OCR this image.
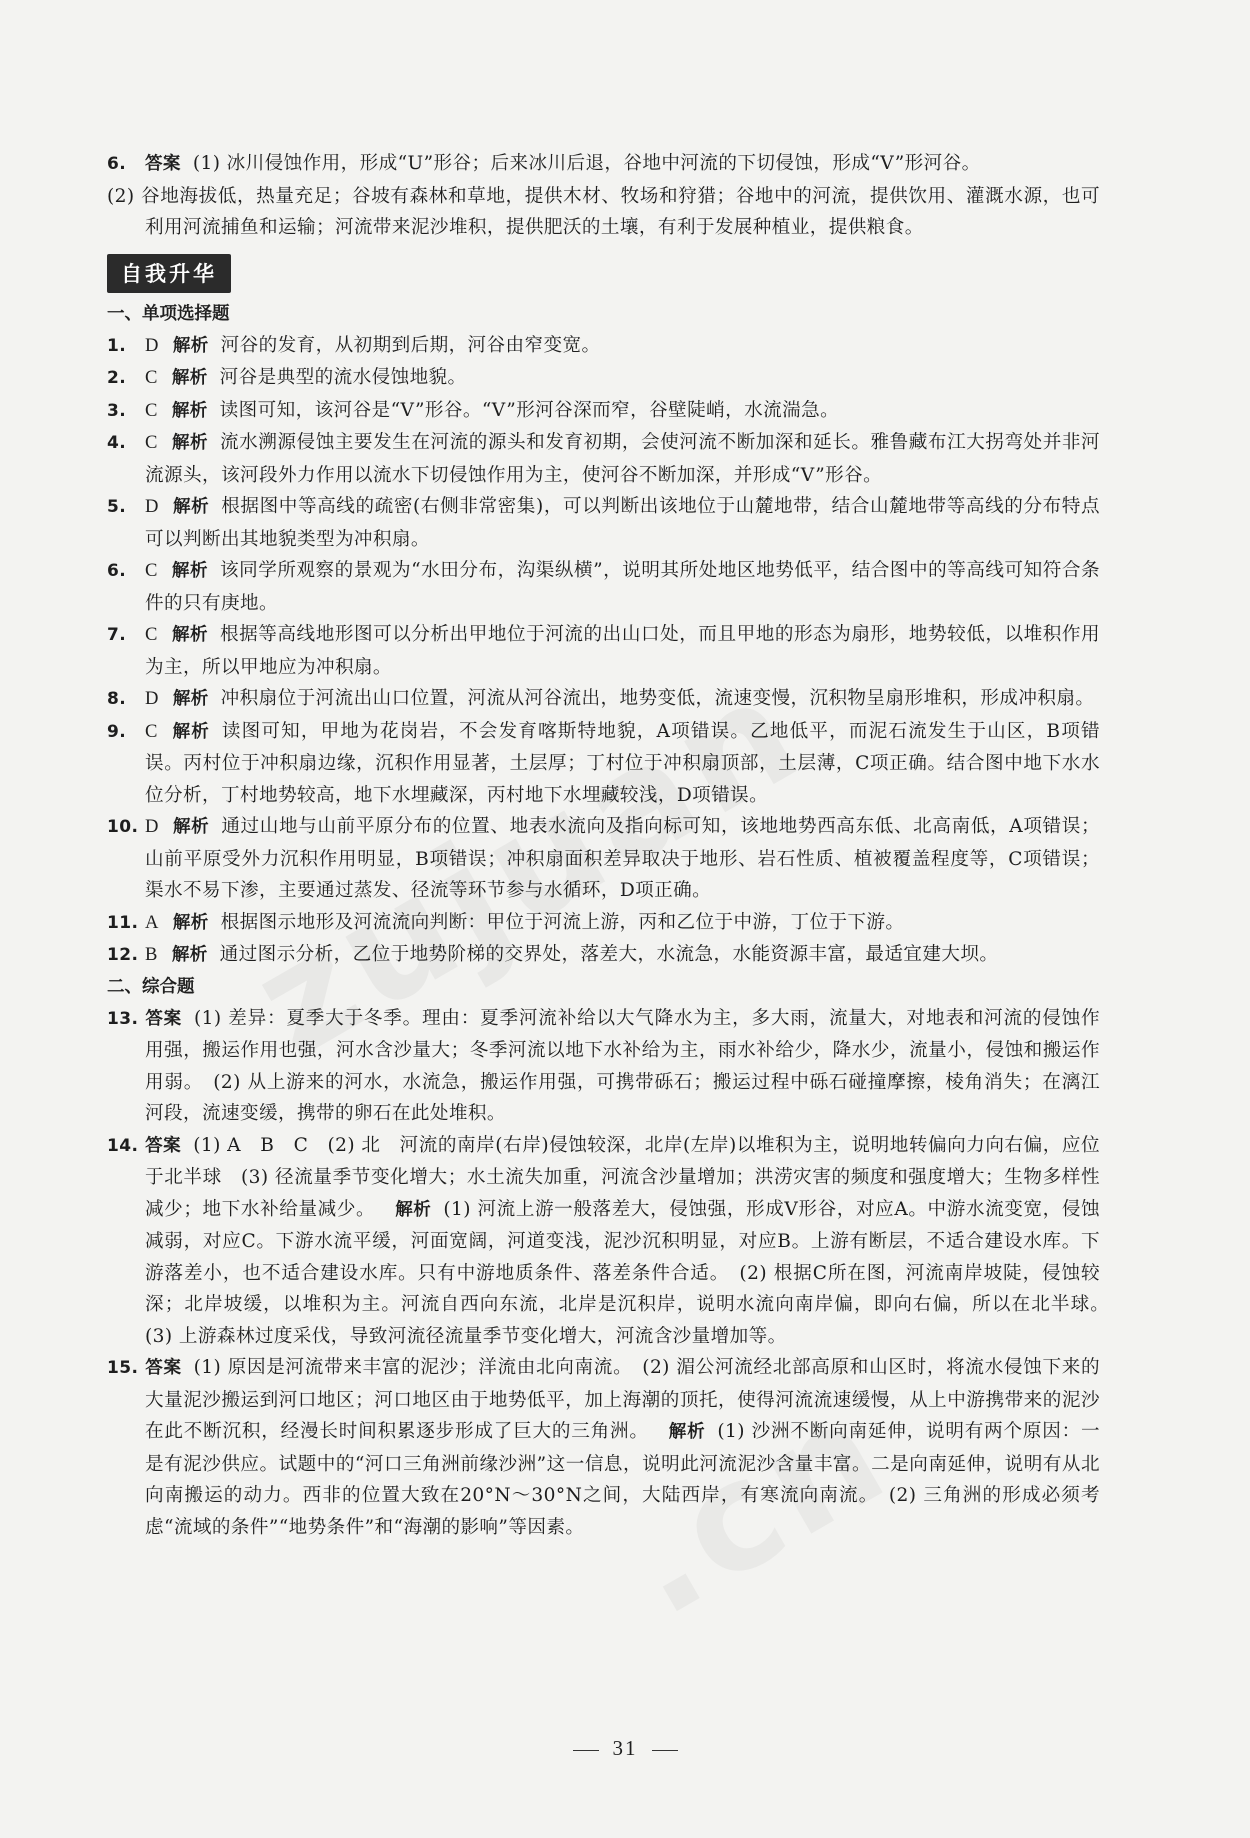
6. 答案 (1) 冰川侵蚀作用，形成“U”形谷；后来冰川后退，谷地中河流的下切侵蚀，形成“V”形河谷。

(2) 谷地海拔低，热量充足；谷坡有森林和草地，提供木材、牧场和狩猎；谷地中的河流，提供饮用、灌溉水源，也可利用河流捕鱼和运输；河流带来泥沙堆积，提供肥沃的土壤，有利于发展种植业，提供粮食。

自我升华

一、单项选择题

1. D 解析 河谷的发育，从初期到后期，河谷由窄变宽。

2. C 解析 河谷是典型的流水侵蚀地貌。

3. C 解析 读图可知，该河谷是“V”形谷。“V”形河谷深而窄，谷壁陡峭，水流湍急。

4. C 解析 流水溯源侵蚀主要发生在河流的源头和发育初期，会使河流不断加深和延长。雅鲁藏布江大拐弯处并非河流源头，该河段外力作用以流水下切侵蚀作用为主，使河谷不断加深，并形成“V”形谷。

5. D 解析 根据图中等高线的疏密(右侧非常密集)，可以判断出该地位于山麓地带，结合山麓地带等高线的分布特点可以判断出其地貌类型为冲积扇。

6. C 解析 该同学所观察的景观为“水田分布，沟渠纵横”，说明其所处地区地势低平，结合图中的等高线可知符合条件的只有庚地。

7. C 解析 根据等高线地形图可以分析出甲地位于河流的出山口处，而且甲地的形态为扇形，地势较低，以堆积作用为主，所以甲地应为冲积扇。

8. D 解析 冲积扇位于河流出山口位置，河流从河谷流出，地势变低，流速变慢，沉积物呈扇形堆积，形成冲积扇。

9. C 解析 读图可知，甲地为花岗岩，不会发育喀斯特地貌，A项错误。乙地低平，而泥石流发生于山区，B项错误。丙村位于冲积扇边缘，沉积作用显著，土层厚；丁村位于冲积扇顶部，土层薄，C项正确。结合图中地下水水位分析，丁村地势较高，地下水埋藏深，丙村地下水埋藏较浅，D项错误。

10. D 解析 通过山地与山前平原分布的位置、地表水流向及指向标可知，该地地势西高东低、北高南低，A项错误；山前平原受外力沉积作用明显，B项错误；冲积扇面积差异取决于地形、岩石性质、植被覆盖程度等，C项错误；渠水不易下渗，主要通过蒸发、径流等环节参与水循环，D项正确。

11. A 解析 根据图示地形及河流流向判断：甲位于河流上游，丙和乙位于中游，丁位于下游。

12. B 解析 通过图示分析，乙位于地势阶梯的交界处，落差大，水流急，水能资源丰富，最适宜建大坝。

二、综合题

13. 答案 (1) 差异：夏季大于冬季。理由：夏季河流补给以大气降水为主，多大雨，流量大，对地表和河流的侵蚀作用强，搬运作用也强，河水含沙量大；冬季河流以地下水补给为主，雨水补给少，降水少，流量小，侵蚀和搬运作用弱。　(2) 从上游来的河水，水流急，搬运作用强，可携带砾石；搬运过程中砾石碰撞摩擦，棱角消失；在漓江河段，流速变缓，携带的卵石在此处堆积。

14. 答案 (1) A　B　C　(2) 北　河流的南岸(右岸)侵蚀较深，北岸(左岸)以堆积为主，说明地转偏向力向右偏，应位于北半球　(3) 径流量季节变化增大；水土流失加重，河流含沙量增加；洪涝灾害的频度和强度增大；生物多样性减少；地下水补给量减少。 解析 (1) 河流上游一般落差大，侵蚀强，形成V形谷，对应A。中游水流变宽，侵蚀减弱，对应C。下游水流平缓，河面宽阔，河道变浅，泥沙沉积明显，对应B。上游有断层，不适合建设水库。下游落差小，也不适合建设水库。只有中游地质条件、落差条件合适。　(2) 根据C所在图，河流南岸坡陡，侵蚀较深；北岸坡缓，以堆积为主。河流自西向东流，北岸是沉积岸，说明水流向南岸偏，即向右偏，所以在北半球。　(3) 上游森林过度采伐，导致河流径流量季节变化增大，河流含沙量增加等。

15. 答案 (1) 原因是河流带来丰富的泥沙；洋流由北向南流。　(2) 湄公河流经北部高原和山区时，将流水侵蚀下来的大量泥沙搬运到河口地区；河口地区由于地势低平，加上海潮的顶托，使得河流流速缓慢，从上中游携带来的泥沙在此不断沉积，经漫长时间积累逐步形成了巨大的三角洲。 解析 (1) 沙洲不断向南延伸，说明有两个原因：一是有泥沙供应。试题中的“河口三角洲前缘沙洲”这一信息，说明此河流泥沙含量丰富。二是向南延伸，说明有从北向南搬运的动力。西非的位置大致在20°N～30°N之间，大陆西岸，有寒流向南流。　(2) 三角洲的形成必须考虑“流域的条件”“地势条件”和“海潮的影响”等因素。

31
